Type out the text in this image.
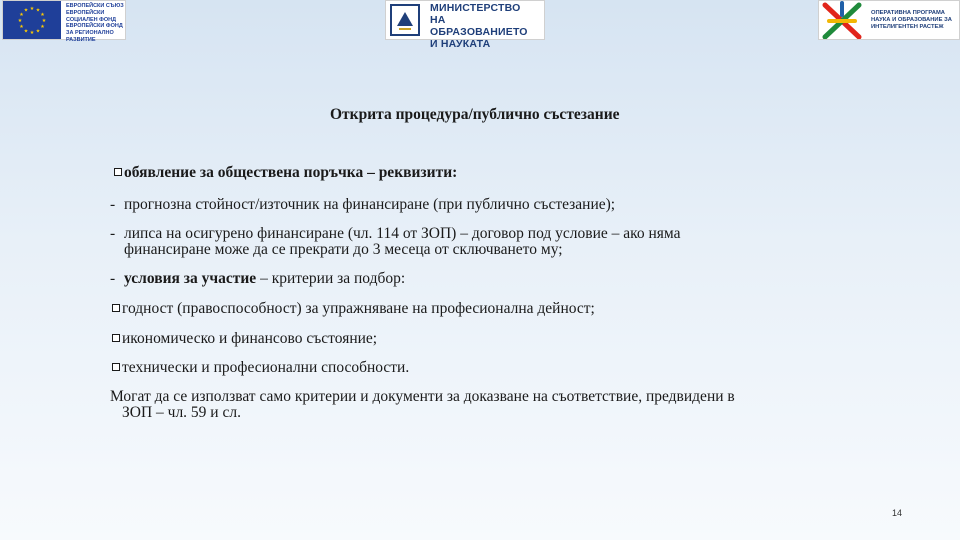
★ ★
★
★
★
★
★
★
★
★
★
★
ЕВРОПЕЙСКИ СЪЮЗ ЕВРОПЕЙСКИ СОЦИАЛЕН ФОНД ЕВРОПЕЙСКИ ФОНД ЗА РЕГИОНАЛНО РАЗВИТИЕ
МИНИСТЕРСТВО
НА ОБРАЗОВАНИЕТО
И НАУКАТА
ОПЕРАТИВНА ПРОГРАМА
НАУКА И ОБРАЗОВАНИЕ ЗА
ИНТЕЛИГЕНТЕН РАСТЕЖ
Открита процедура/публично състезание
обявление за обществена поръчка – реквизити:
- прогнозна стойност/източник на финансиране (при публично състезание);
- липса на осигурено финансиране (чл. 114 от ЗОП) – договор под условие – ако няма
финансиране може да се прекрати до 3 месеца от сключването му;
- условия за участие – критерии за подбор:
годност (правоспособност) за упражняване на професионална дейност;
икономическо и финансово състояние;
технически и професионални способности.
Могат да се използват само критерии и документи за доказване на съответствие, предвидени в
ЗОП – чл. 59 и сл.
14
